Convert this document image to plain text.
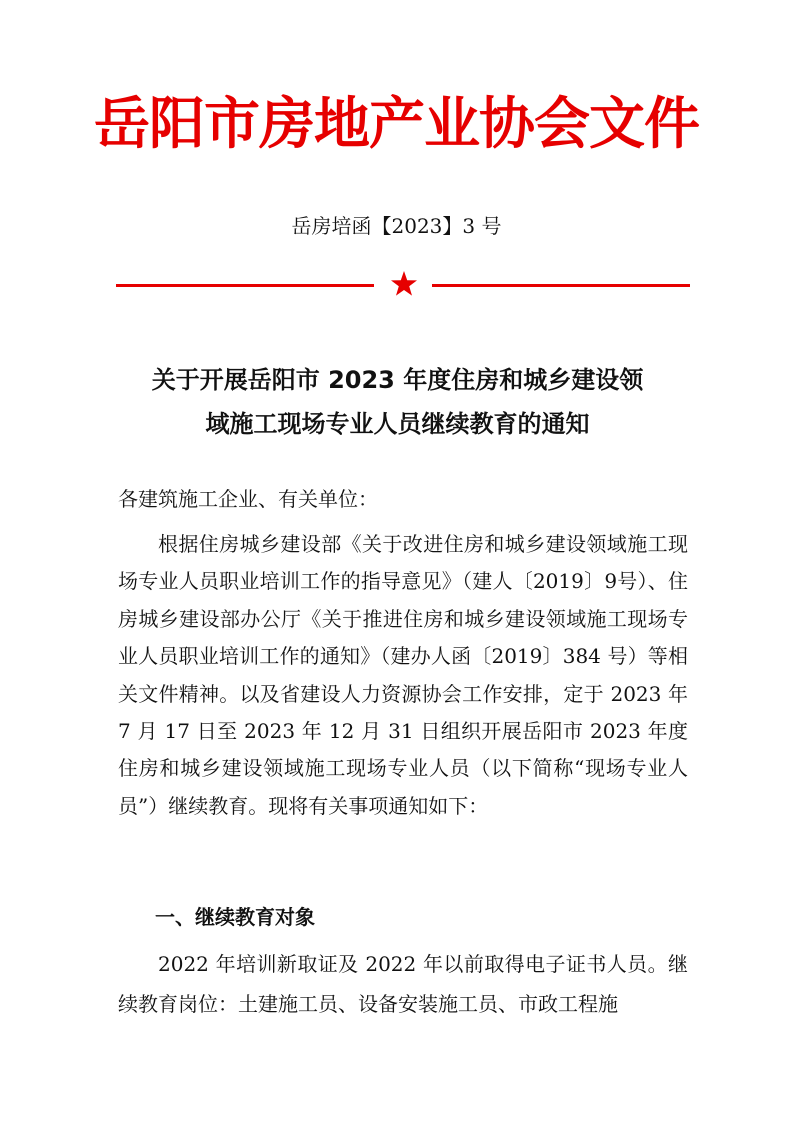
岳阳市房地产业协会文件
岳房培函【2023】3 号
关于开展岳阳市 2023 年度住房和城乡建设领
域施工现场专业人员继续教育的通知
各建筑施工企业、有关单位：
根据住房城乡建设部《关于改进住房和城乡建设领域施工现场专业人员职业培训工作的指导意见》（建人〔2019〕9号）、住房城乡建设部办公厅《关于推进住房和城乡建设领域施工现场专业人员职业培训工作的通知》（建办人函〔2019〕384 号）等相关文件精神。以及省建设人力资源协会工作安排，定于 2023 年 7 月 17 日至 2023 年 12 月 31 日组织开展岳阳市 2023 年度住房和城乡建设领域施工现场专业人员（以下简称“现场专业人员”）继续教育。现将有关事项通知如下：
一、继续教育对象
2022 年培训新取证及 2022 年以前取得电子证书人员。继续教育岗位：土建施工员、设备安装施工员、市政工程施
